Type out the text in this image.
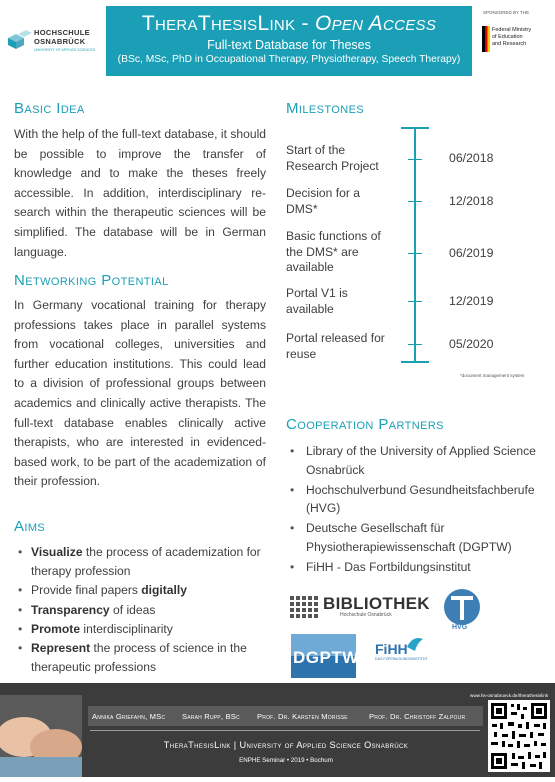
HOCHSCHULE
OSNABRÜCK
UNIVERSITY OF APPLIED SCIENCES
TheraThesisLink - Open Access
Full-text Database for Theses
(BSc, MSc, PhD in Occupational Therapy, Physiotherapy, Speech Therapy)
SPONSORED BY THE
Federal Ministry
of Education
and Research
Basic Idea
With the help of the full-text database, it should be possible to improve the transfer of knowledge and to make the theses freely accessible. In addition, interdisciplinary re-search within the therapeutic sciences will be simplified. The database will be in German language.
Networking Potential
In Germany vocational training for therapy professions takes place in parallel systems from vocational colleges, universities and further education institutions. This could lead to a division of professional groups between academics and clinically active therapists. The full-text database enables clinically active therapists, who are interested in evidenced-based work, to be part of the academization of their profession.
Aims
• Visualize the process of academization for therapy profession
• Provide final papers digitally
• Transparency of ideas
• Promote interdisciplinarity
• Represent the process of science in the therapeutic professions
Milestones
Start of the Research Project
06/2018
Decision for a DMS*
12/2018
Basic functions of the DMS* are available
06/2019
Portal V1 is available
12/2019
Portal released for reuse
05/2020
*document management system
Cooperation Partners
• Library of the University of Applied Science Osnabrück
• Hochschulverbund Gesundheitsfachberufe (HVG)
• Deutsche Gesellschaft für Physiotherapiewissenschaft (DGPTW)
• FiHH - Das Fortbildungsinstitut
BIBLIOTHEK
Hochschule Osnabrück
HVG
DGPTW FiHH
DAS FORTBILDUNGSINSTITUT
Annika Griefahn, MSc Sarah Rupp, BSc Prof. Dr. Karsten Morisse	Prof. Dr. Christoff Zalpour
TheraThesisLink | University of Applied Science Osnabrück
ENPHE Seminar • 2019 • Bochum
www.hs-osnabrueck.de/therathesislink
